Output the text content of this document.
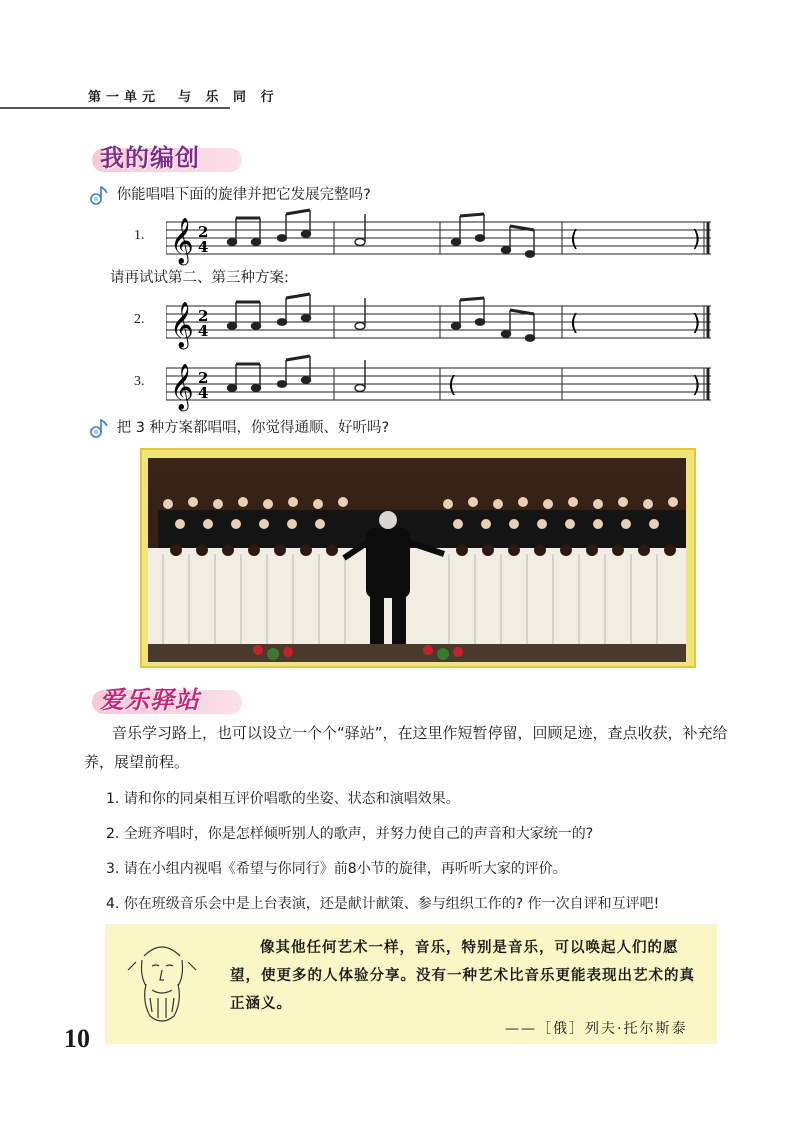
第一单元　与 乐 同 行
我的编创
你能唱唱下面的旋律并把它发展完整吗?
1. 𝄞 2
4	(	)
请再试试第二、第三种方案:
2. 𝄞 2
4	(	)
3. 𝄞 2
4	(	)
把 3 种方案都唱唱，你觉得通顺、好听吗?
爱乐驿站
音乐学习路上，也可以设立一个个“驿站”，在这里作短暂停留，回顾足迹，查点收获，补充给养，展望前程。
1. 请和你的同桌相互评价唱歌的坐姿、状态和演唱效果。
2. 全班齐唱时，你是怎样倾听别人的歌声，并努力使自己的声音和大家统一的?
3. 请在小组内视唱《希望与你同行》前8小节的旋律，再听听大家的评价。
4. 你在班级音乐会中是上台表演，还是献计献策、参与组织工作的? 作一次自评和互评吧!
像其他任何艺术一样，音乐，特别是音乐，可以唤起人们的愿望，使更多的人体验分享。没有一种艺术比音乐更能表现出艺术的真正涵义。
——［俄］列夫·托尔斯泰
10
